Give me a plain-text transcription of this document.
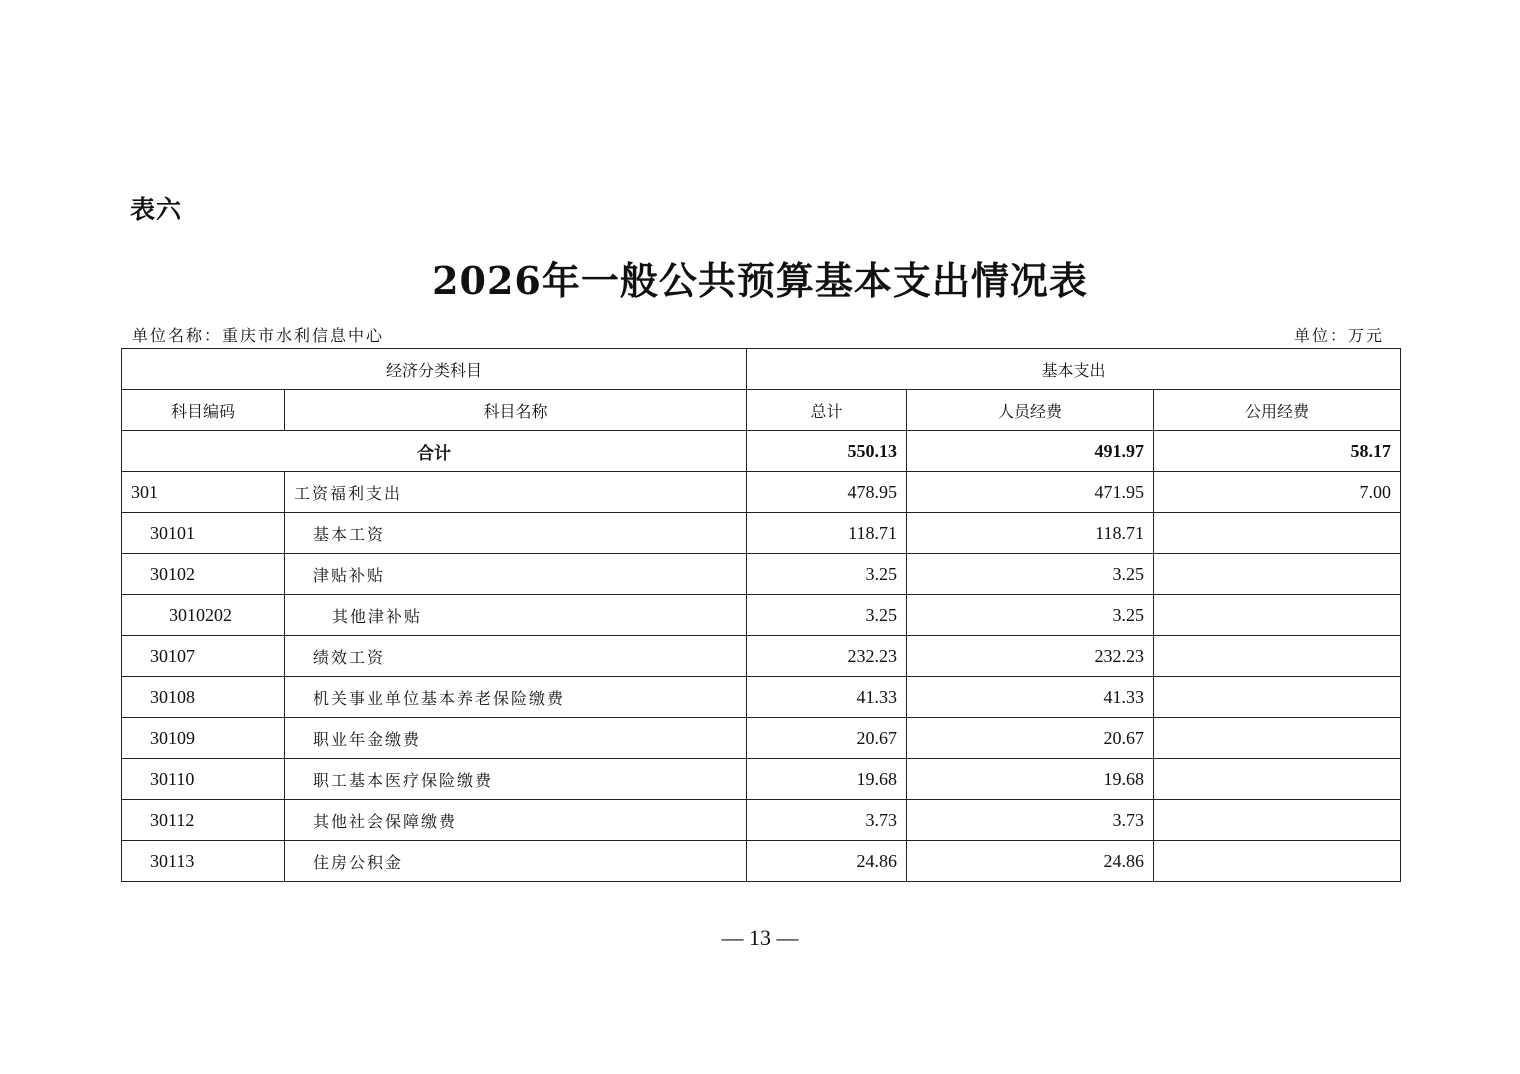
表六
2026年一般公共预算基本支出情况表
单位名称：重庆市水利信息中心	单位：万元
经济分类科目		基本支出		
科目编码	科目名称	总计	人员经费	公用经费
合计		550.13	491.97	58.17
301	工资福利支出	478.95	471.95	7.00
30101	基本工资	118.71	118.71	
30102	津贴补贴	3.25	3.25	
3010202	其他津补贴	3.25	3.25	
30107	绩效工资	232.23	232.23	
30108	机关事业单位基本养老保险缴费	41.33	41.33	
30109	职业年金缴费	20.67	20.67	
30110	职工基本医疗保险缴费	19.68	19.68	
30112	其他社会保障缴费	3.73	3.73	
30113	住房公积金	24.86	24.86	
— 13 —
